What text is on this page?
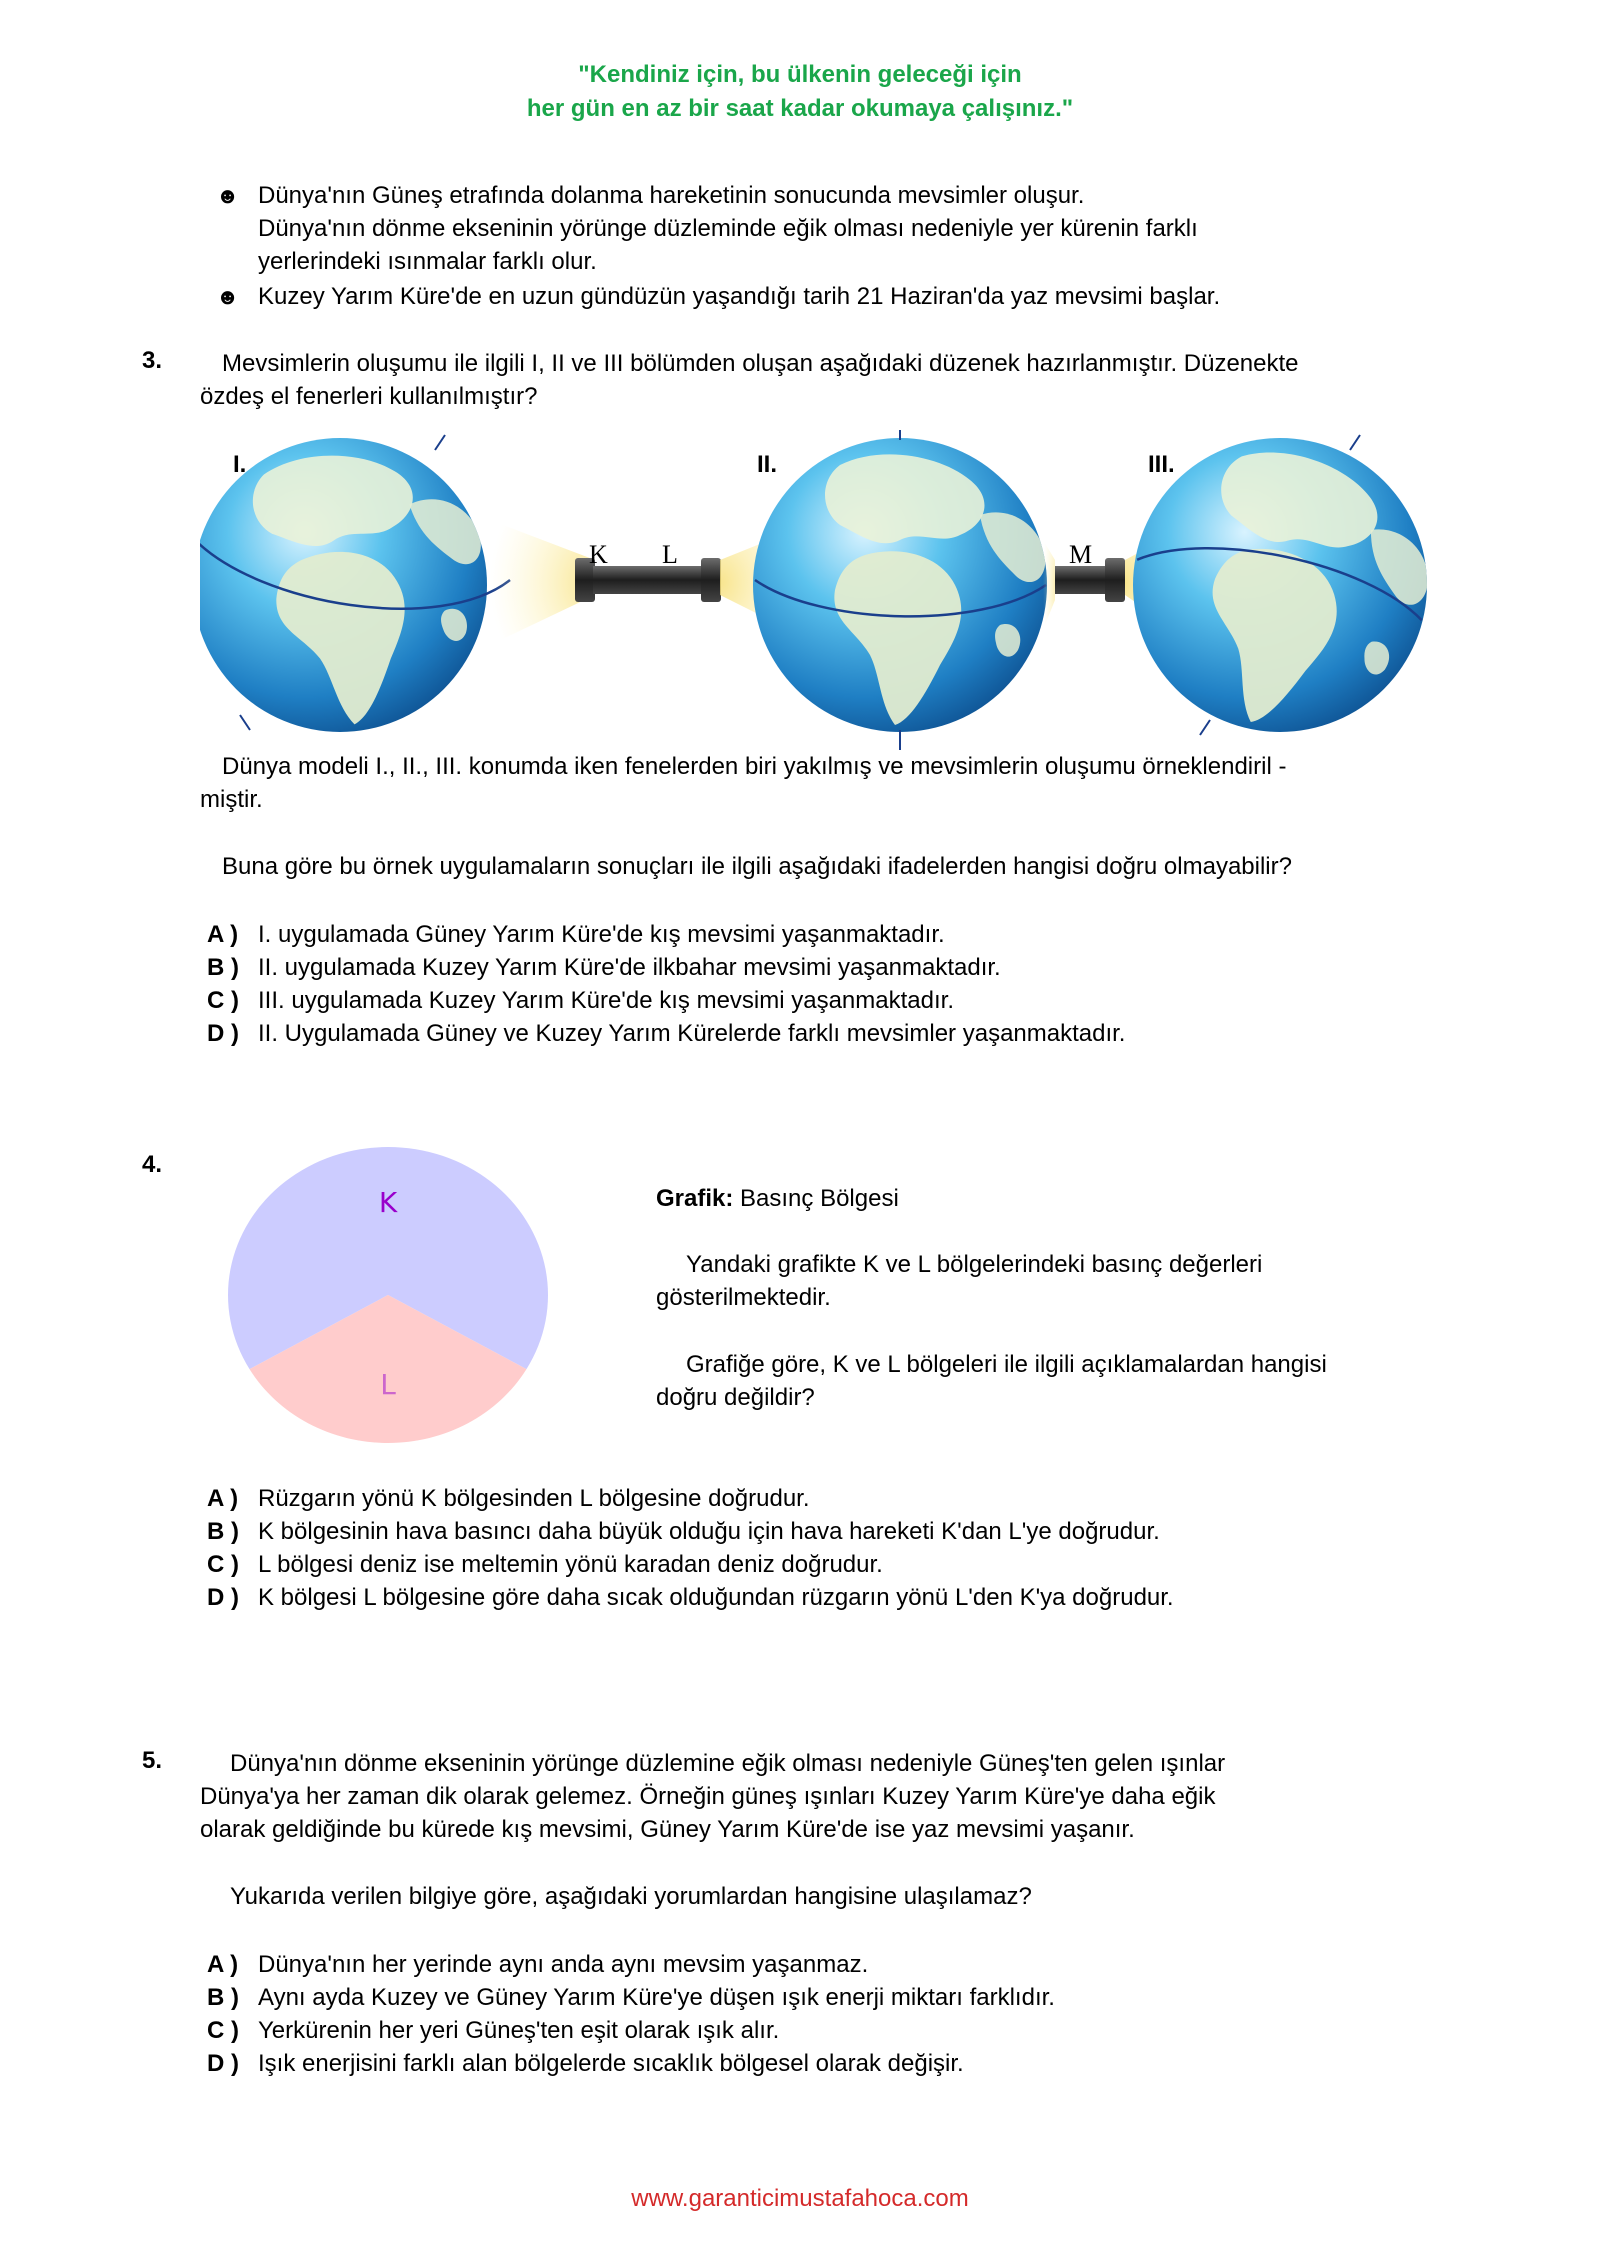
"Kendiniz için, bu ülkenin geleceği için
her gün en az bir saat kadar okumaya çalışınız."
☻ Dünya'nın Güneş etrafında dolanma hareketinin sonucunda mevsimler oluşur.
Dünya'nın dönme ekseninin yörünge düzleminde eğik olması nedeniyle yer kürenin farklı
yerlerindeki ısınmalar farklı olur.
☻ Kuzey Yarım Küre'de en uzun gündüzün yaşandığı tarih 21 Haziran'da yaz mevsimi başlar.
3. Mevsimlerin oluşumu ile ilgili I, II ve III bölümden oluşan aşağıdaki düzenek hazırlanmıştır. Düzenekte
özdeş el fenerleri kullanılmıştır?
I.	II.	III.
K L	M
Dünya modeli I., II., III. konumda iken fenelerden biri yakılmış ve mevsimlerin oluşumu örneklendiril -
miştir.
Buna göre bu örnek uygulamaların sonuçları ile ilgili aşağıdaki ifadelerden hangisi doğru olmayabilir?
A ) I. uygulamada Güney Yarım Küre'de kış mevsimi yaşanmaktadır.
B ) II. uygulamada Kuzey Yarım Küre'de ilkbahar mevsimi yaşanmaktadır.
C ) III. uygulamada Kuzey Yarım Küre'de kış mevsimi yaşanmaktadır.
D ) II. Uygulamada Güney ve Kuzey Yarım Kürelerde farklı mevsimler yaşanmaktadır.
4.
K
L
Grafik: Basınç Bölgesi
Yandaki grafikte K ve L bölgelerindeki basınç değerleri
gösterilmektedir.
Grafiğe göre, K ve L bölgeleri ile ilgili açıklamalardan hangisi
doğru değildir?
A ) Rüzgarın yönü K bölgesinden L bölgesine doğrudur.
B ) K bölgesinin hava basıncı daha büyük olduğu için hava hareketi K'dan L'ye doğrudur.
C ) L bölgesi deniz ise meltemin yönü karadan deniz doğrudur.
D ) K bölgesi L bölgesine göre daha sıcak olduğundan rüzgarın yönü L'den K'ya doğrudur.
5.	Dünya'nın dönme ekseninin yörünge düzlemine eğik olması nedeniyle Güneş'ten gelen ışınlar
Dünya'ya her zaman dik olarak gelemez. Örneğin güneş ışınları Kuzey Yarım Küre'ye daha eğik
olarak geldiğinde bu kürede kış mevsimi, Güney Yarım Küre'de ise yaz mevsimi yaşanır.
Yukarıda verilen bilgiye göre, aşağıdaki yorumlardan hangisine ulaşılamaz?
A ) Dünya'nın her yerinde aynı anda aynı mevsim yaşanmaz.
B ) Aynı ayda Kuzey ve Güney Yarım Küre'ye düşen ışık enerji miktarı farklıdır.
C ) Yerkürenin her yeri Güneş'ten eşit olarak ışık alır.
D ) Işık enerjisini farklı alan bölgelerde sıcaklık bölgesel olarak değişir.
www.garanticimustafahoca.com
